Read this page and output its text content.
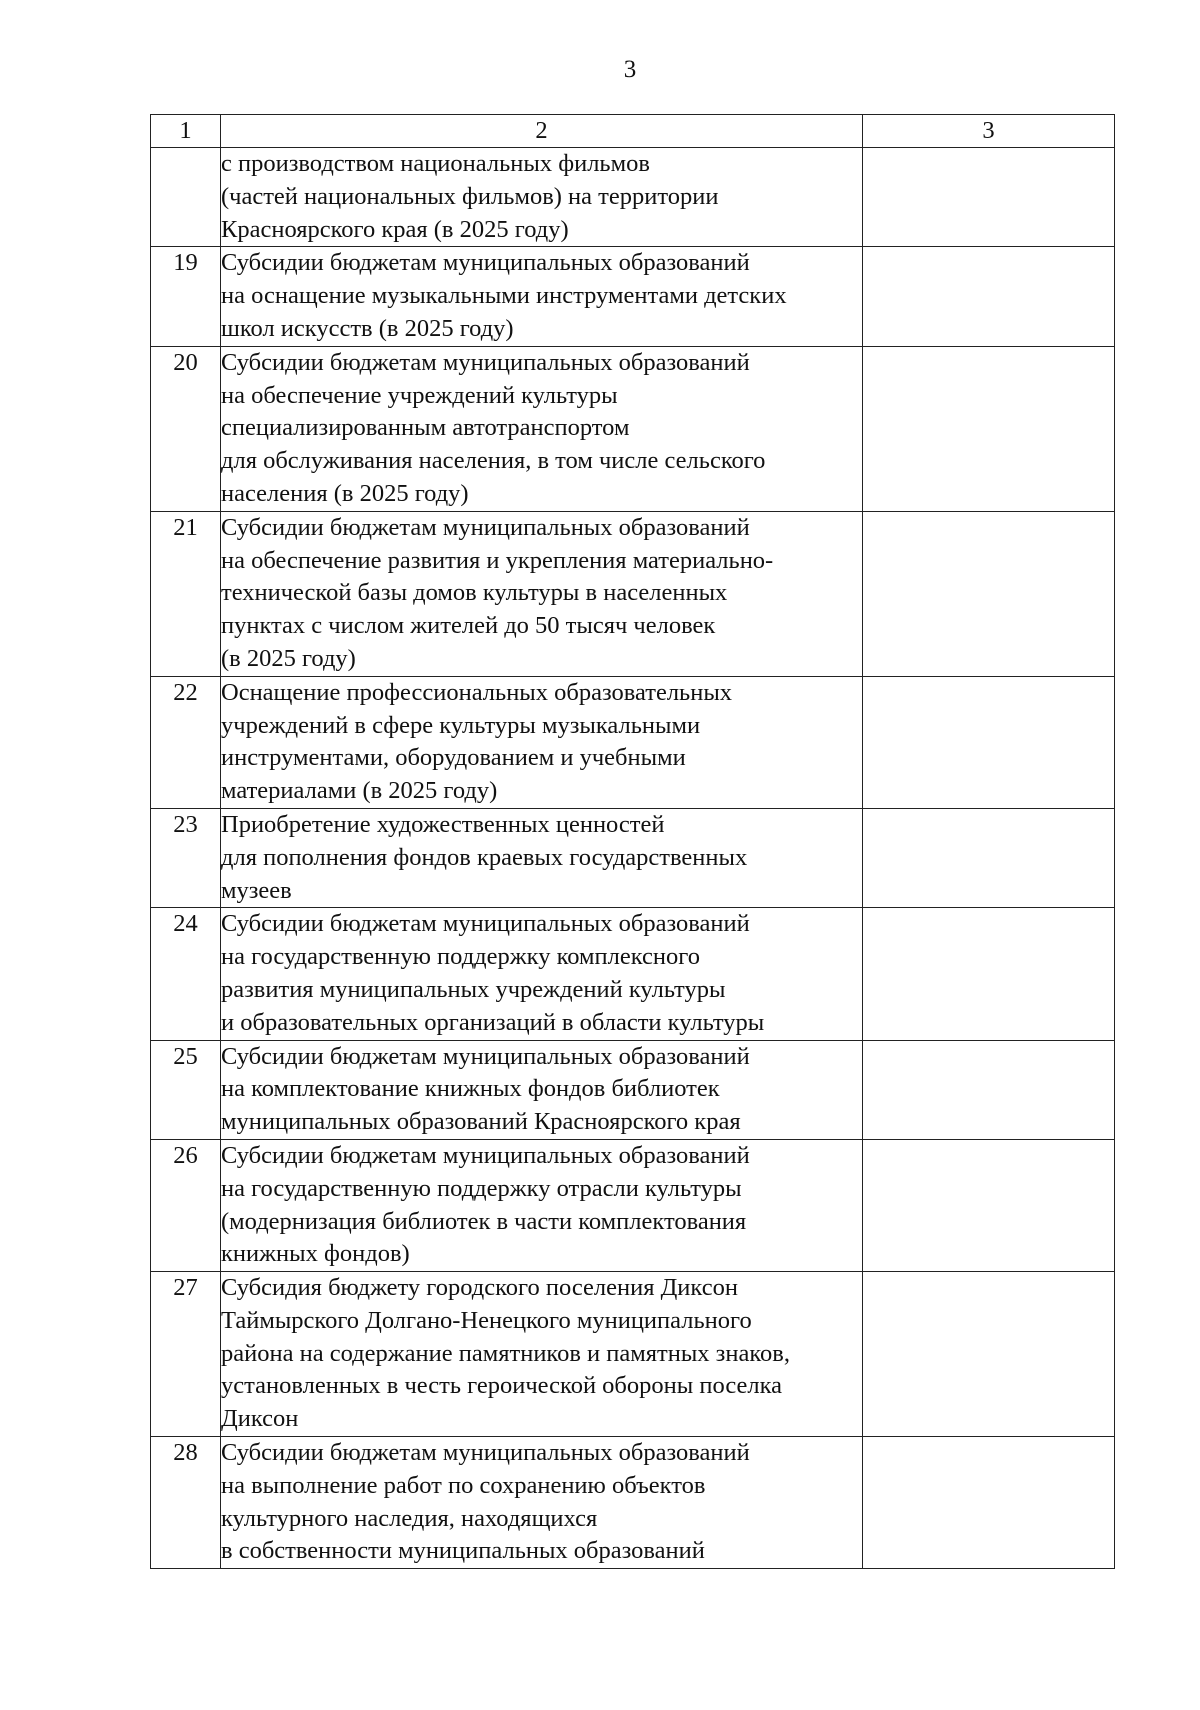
3
1	2	3

	с производством национальных фильмов
(частей национальных фильмов) на территории
Красноярского края (в 2025 году)	

19	Субсидии бюджетам муниципальных образований
на оснащение музыкальными инструментами детских
школ искусств (в 2025 году)	

20	Субсидии бюджетам муниципальных образований
на обеспечение учреждений культуры
специализированным автотранспортом
для обслуживания населения, в том числе сельского
населения (в 2025 году)	

21	Субсидии бюджетам муниципальных образований
на обеспечение развития и укрепления материально-
технической базы домов культуры в населенных
пунктах с числом жителей до 50 тысяч человек
(в 2025 году)	

22	Оснащение профессиональных образовательных
учреждений в сфере культуры музыкальными
инструментами, оборудованием и учебными
материалами (в 2025 году)	

23	Приобретение художественных ценностей
для пополнения фондов краевых государственных
музеев	

24	Субсидии бюджетам муниципальных образований
на государственную поддержку комплексного
развития муниципальных учреждений культуры
и образовательных организаций в области культуры	

25	Субсидии бюджетам муниципальных образований
на комплектование книжных фондов библиотек
муниципальных образований Красноярского края	

26	Субсидии бюджетам муниципальных образований
на государственную поддержку отрасли культуры
(модернизация библиотек в части комплектования
книжных фондов)	

27	Субсидия бюджету городского поселения Диксон
Таймырского Долгано-Ненецкого муниципального
района на содержание памятников и памятных знаков,
установленных в честь героической обороны поселка
Диксон	

28	Субсидии бюджетам муниципальных образований
на выполнение работ по сохранению объектов
культурного наследия, находящихся
в собственности муниципальных образований	
